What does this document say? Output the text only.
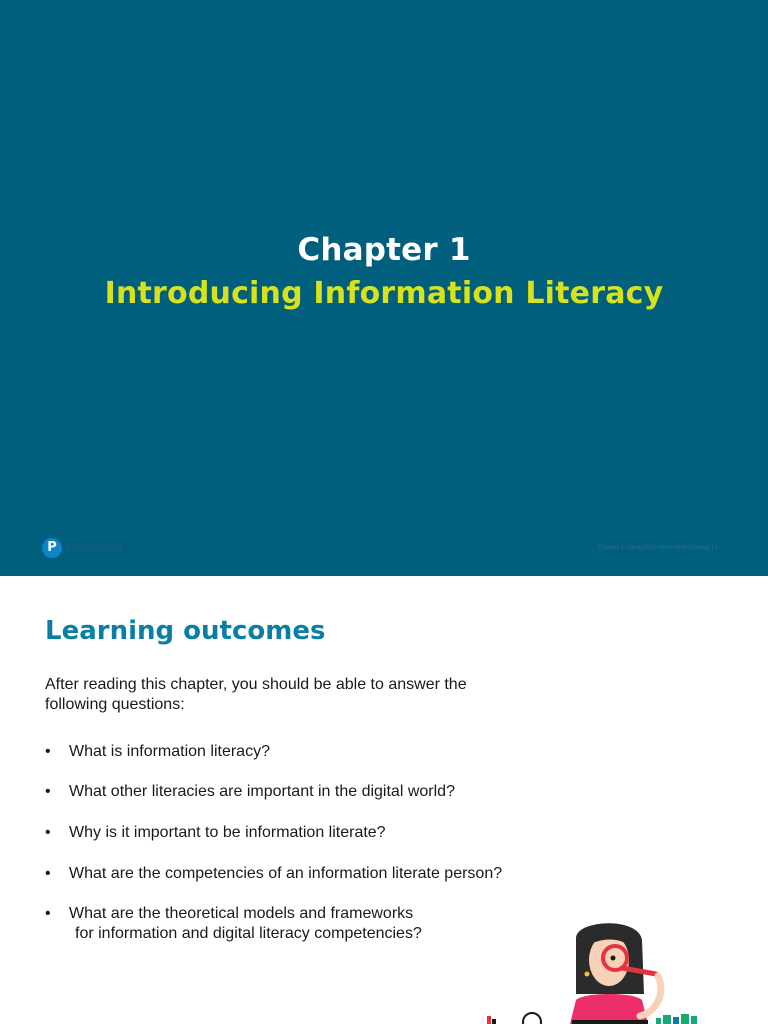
Chapter 1
Introducing Information Literacy
P Pearson	Chapter 1: Navigating Information Literacy | 1
Learning outcomes
After reading this chapter, you should be able to answer the
following questions:
•	What is information literacy?
•	What other literacies are important in the digital world?
•	Why is it important to be information literate?
•	What are the competencies of an information literate person?
•	What are the theoretical models and frameworks
for information and digital literacy competencies?
